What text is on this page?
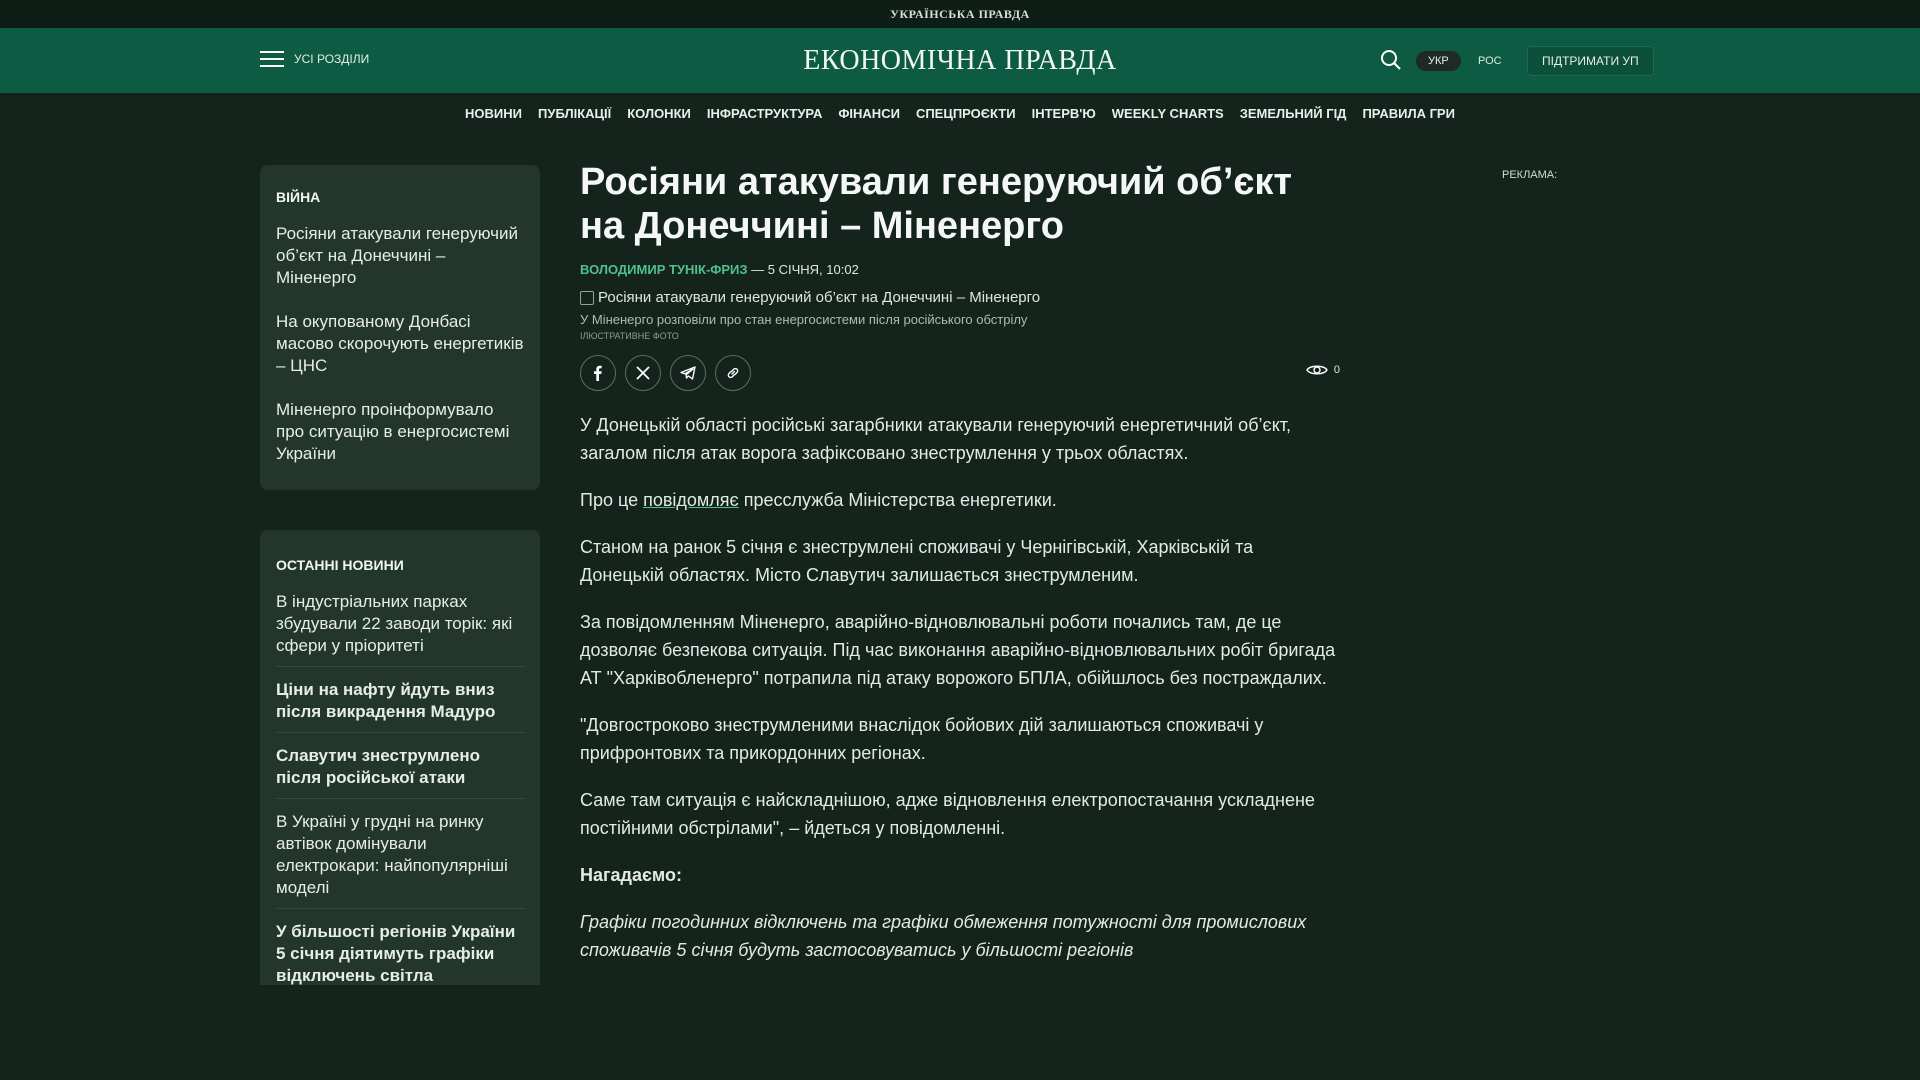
УКРАЇНСЬКА ПРАВДА
УСІ РОЗДІЛИ	ЕКОНОМІЧНА ПРАВДА	УКР	РОС	ПІДТРИМАТИ УП
НОВИНИ ПУБЛІКАЦІЇ КОЛОНКИ ІНФРАСТРУКТУРА ФІНАНСИ СПЕЦПРОЄКТИ ІНТЕРВ'Ю WEEKLY CHARTS ЗЕМЕЛЬНИЙ ГІД ПРАВИЛА ГРИ
ВІЙНА
Росіяни атакували генеруючий об’єкт на Донеччині – Міненерго
На окупованому Донбасі масово скорочують енергетиків – ЦНС
Міненерго проінформувало про ситуацію в енергосистемі України
ОСТАННІ НОВИНИ
В індустріальних парках збудували 22 заводи торік: які сфери у пріоритеті
Ціни на нафту йдуть вниз після викрадення Мадуро
Славутич знеструмлено після російської атаки
В Україні у грудні на ринку автівок домінували електрокари: найпопулярніші моделі
У більшості регіонів України 5 січня діятимуть графіки відключень світла
Росіяни атакували генеруючий об’єкт на Донеччині – Міненерго
ВОЛОДИМИР ТУНІК-ФРИЗ — 5 СІЧНЯ, 10:02
Росіяни атакували генеруючий об’єкт на Донеччині – Міненерго
У Міненерго розповіли про стан енергосистеми після російського обстрілу
ІЛЮСТРАТИВНЕ ФОТО
0

У Донецькій області російські загарбники атакували генеруючий енергетичний об’єкт, загалом після атак ворога зафіксовано знеструмлення у трьох областях.

Про це повідомляє пресслужба Міністерства енергетики.

Станом на ранок 5 січня є знеструмлені споживачі у Чернігівській, Харківській та Донецькій областях. Місто Славутич залишається знеструмленим.

За повідомленням Міненерго, аварійно-відновлювальні роботи почались там, де це дозволяє безпекова ситуація. Під час виконання аварійно-відновлювальних робіт бригада АТ "Харківобленерго" потрапила під атаку ворожого БПЛА, обійшлось без постраждалих.

"Довгостроково знеструмленими внаслідок бойових дій залишаються споживачі у прифронтових та прикордонних регіонах.

Саме там ситуація є найскладнішою, адже відновлення електропостачання ускладнене постійними обстрілами", – йдеться у повідомленні.

Нагадаємо:

Графіки погодинних відключень та графіки обмеження потужності для промислових споживачів 5 січня будуть застосовуватись у більшості регіонів

РЕКЛАМА:
